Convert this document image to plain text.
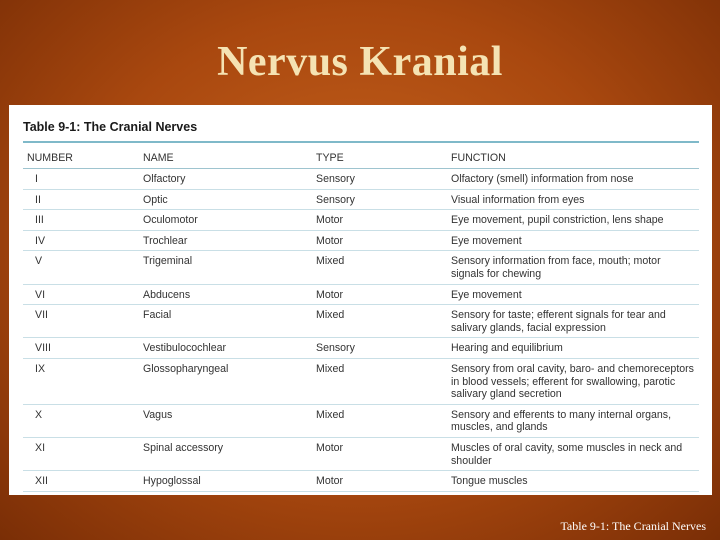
Nervus Kranial
Table 9-1: The Cranial Nerves
NUMBER	NAME	TYPE	FUNCTION
I	Olfactory	Sensory	Olfactory (smell) information from nose
II	Optic	Sensory	Visual information from eyes
III	Oculomotor	Motor	Eye movement, pupil constriction, lens shape
IV	Trochlear	Motor	Eye movement
V	Trigeminal	Mixed	Sensory information from face, mouth; motor signals for chewing
VI	Abducens	Motor	Eye movement
VII	Facial	Mixed	Sensory for taste; efferent signals for tear and salivary glands, facial expression
VIII	Vestibulocochlear	Sensory	Hearing and equilibrium
IX	Glossopharyngeal	Mixed	Sensory from oral cavity, baro- and chemoreceptors in blood vessels; efferent for swallowing, parotic salivary gland secretion
X	Vagus	Mixed	Sensory and efferents to many internal organs, muscles, and glands
XI	Spinal accessory	Motor	Muscles of oral cavity, some muscles in neck and shoulder
XII	Hypoglossal	Motor	Tongue muscles
Table 9-1: The Cranial Nerves
